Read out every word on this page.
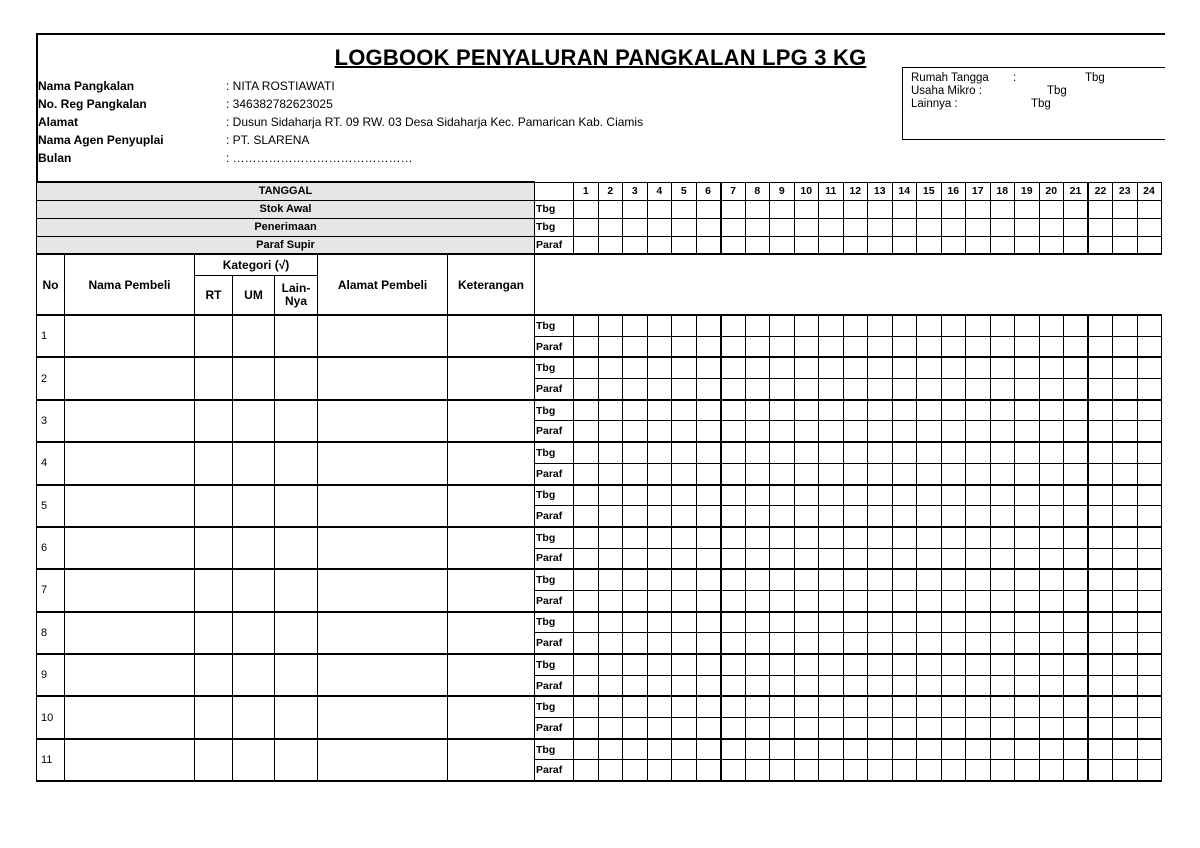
LOGBOOK PENYALURAN PANGKALAN LPG 3 KG
Nama Pangkalan	: NITA ROSTIAWATI
No. Reg Pangkalan	: 346382782623025
Alamat	: Dusun Sidaharja RT. 09 RW. 03 Desa Sidaharja Kec. Pamarican Kab. Ciamis
Nama Agen Penyuplai	: PT. SLARENA
Bulan	: ………………………………………
Rumah Tangga :	Tbg
Usaha Mikro :	Tbg
Lainnya :	Tbg
TANGGAL								1	2	3	4	5	6	7	8	9	10	11	12	13	14	15	16	17	18	19	20	21	22	23	24
Stok Awal							Tbg																								
Penerimaan							Tbg																								
Paraf Supir							Paraf																								
No	Nama Pembeli	Kategori (√)			Alamat Pembeli	Keterangan																									
		RT	UM	Lain-
Nya																											

1							Tbg																								
							Paraf																								
2							Tbg																								
							Paraf																								
3							Tbg																								
							Paraf																								
4							Tbg																								
							Paraf																								
5							Tbg																								
							Paraf																								
6							Tbg																								
							Paraf																								
7							Tbg																								
							Paraf																								
8							Tbg																								
							Paraf																								
9							Tbg																								
							Paraf																								
10							Tbg																								
							Paraf																								
11							Tbg																								
							Paraf																								
